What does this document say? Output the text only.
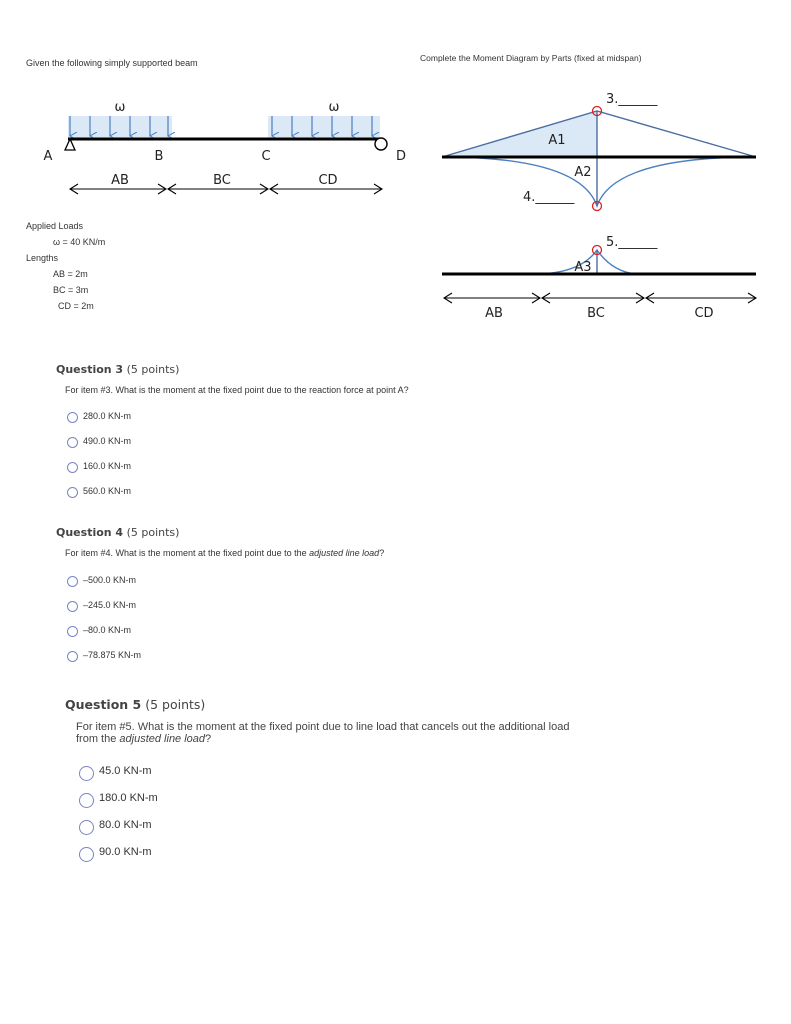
Given the following simply supported beam	Complete the Moment Diagram by Parts (fixed at midspan)
ω	ω
A	B	C	D
AB	BC	CD
Applied Loads
ω = 40 KN/m
Lengths
AB = 2m
BC = 3m
CD = 2m
A1
A2
3.______
4.______
A3
5.______
AB	BC	CD
Question 3 (5 points)
For item #3. What is the moment at the fixed point due to the reaction force at point A?
280.0 KN-m
490.0 KN-m
160.0 KN-m
560.0 KN-m
Question 4 (5 points)
For item #4. What is the moment at the fixed point due to the adjusted line load?
–500.0 KN-m
–245.0 KN-m
–80.0 KN-m
–78.875 KN-m
Question 5 (5 points)
For item #5. What is the moment at the fixed point due to line load that cancels out the additional load from the adjusted line load?
45.0 KN-m
180.0 KN-m
80.0 KN-m
90.0 KN-m
